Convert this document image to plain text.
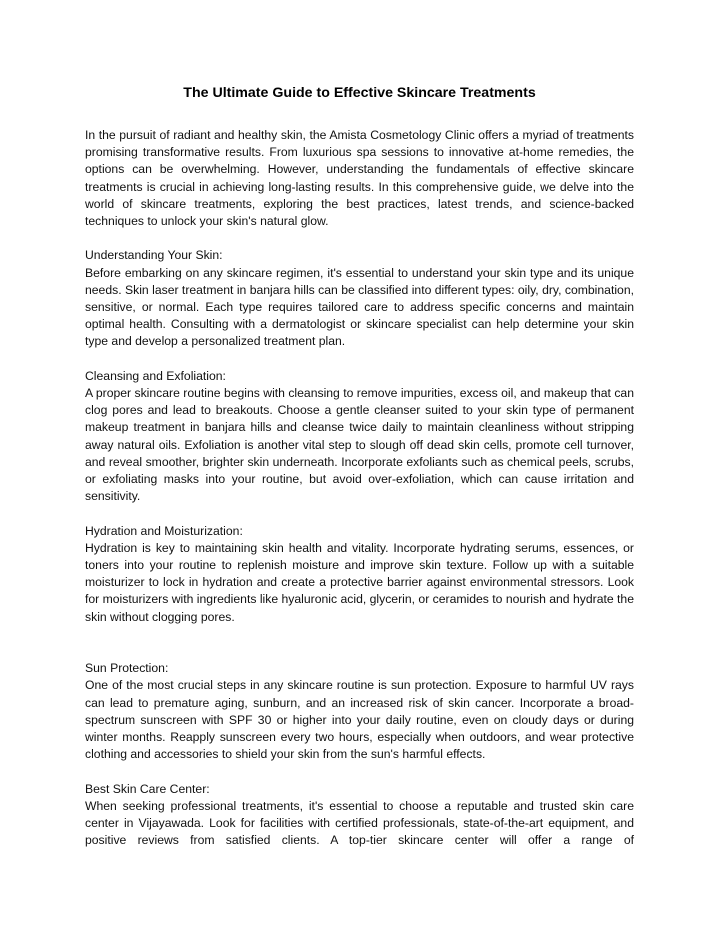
The Ultimate Guide to Effective Skincare Treatments

In the pursuit of radiant and healthy skin, the Amista Cosmetology Clinic offers a myriad of treatments promising transformative results. From luxurious spa sessions to innovative at-home remedies, the options can be overwhelming. However, understanding the fundamentals of effective skincare treatments is crucial in achieving long-lasting results. In this comprehensive guide, we delve into the world of skincare treatments, exploring the best practices, latest trends, and science-backed techniques to unlock your skin's natural glow.

Understanding Your Skin:

Before embarking on any skincare regimen, it's essential to understand your skin type and its unique needs. Skin laser treatment in banjara hills can be classified into different types: oily, dry, combination, sensitive, or normal. Each type requires tailored care to address specific concerns and maintain optimal health. Consulting with a dermatologist or skincare specialist can help determine your skin type and develop a personalized treatment plan.

Cleansing and Exfoliation:

A proper skincare routine begins with cleansing to remove impurities, excess oil, and makeup that can clog pores and lead to breakouts. Choose a gentle cleanser suited to your skin type of permanent makeup treatment in banjara hills and cleanse twice daily to maintain cleanliness without stripping away natural oils. Exfoliation is another vital step to slough off dead skin cells, promote cell turnover, and reveal smoother, brighter skin underneath. Incorporate exfoliants such as chemical peels, scrubs, or exfoliating masks into your routine, but avoid over-exfoliation, which can cause irritation and sensitivity.

Hydration and Moisturization:

Hydration is key to maintaining skin health and vitality. Incorporate hydrating serums, essences, or toners into your routine to replenish moisture and improve skin texture. Follow up with a suitable moisturizer to lock in hydration and create a protective barrier against environmental stressors. Look for moisturizers with ingredients like hyaluronic acid, glycerin, or ceramides to nourish and hydrate the skin without clogging pores.

Sun Protection:

One of the most crucial steps in any skincare routine is sun protection. Exposure to harmful UV rays can lead to premature aging, sunburn, and an increased risk of skin cancer. Incorporate a broad-spectrum sunscreen with SPF 30 or higher into your daily routine, even on cloudy days or during winter months. Reapply sunscreen every two hours, especially when outdoors, and wear protective clothing and accessories to shield your skin from the sun's harmful effects.

Best Skin Care Center:

When seeking professional treatments, it's essential to choose a reputable and trusted skin care center in Vijayawada. Look for facilities with certified professionals, state-of-the-art equipment, and positive reviews from satisfied clients. A top-tier skincare center will offer a range of
